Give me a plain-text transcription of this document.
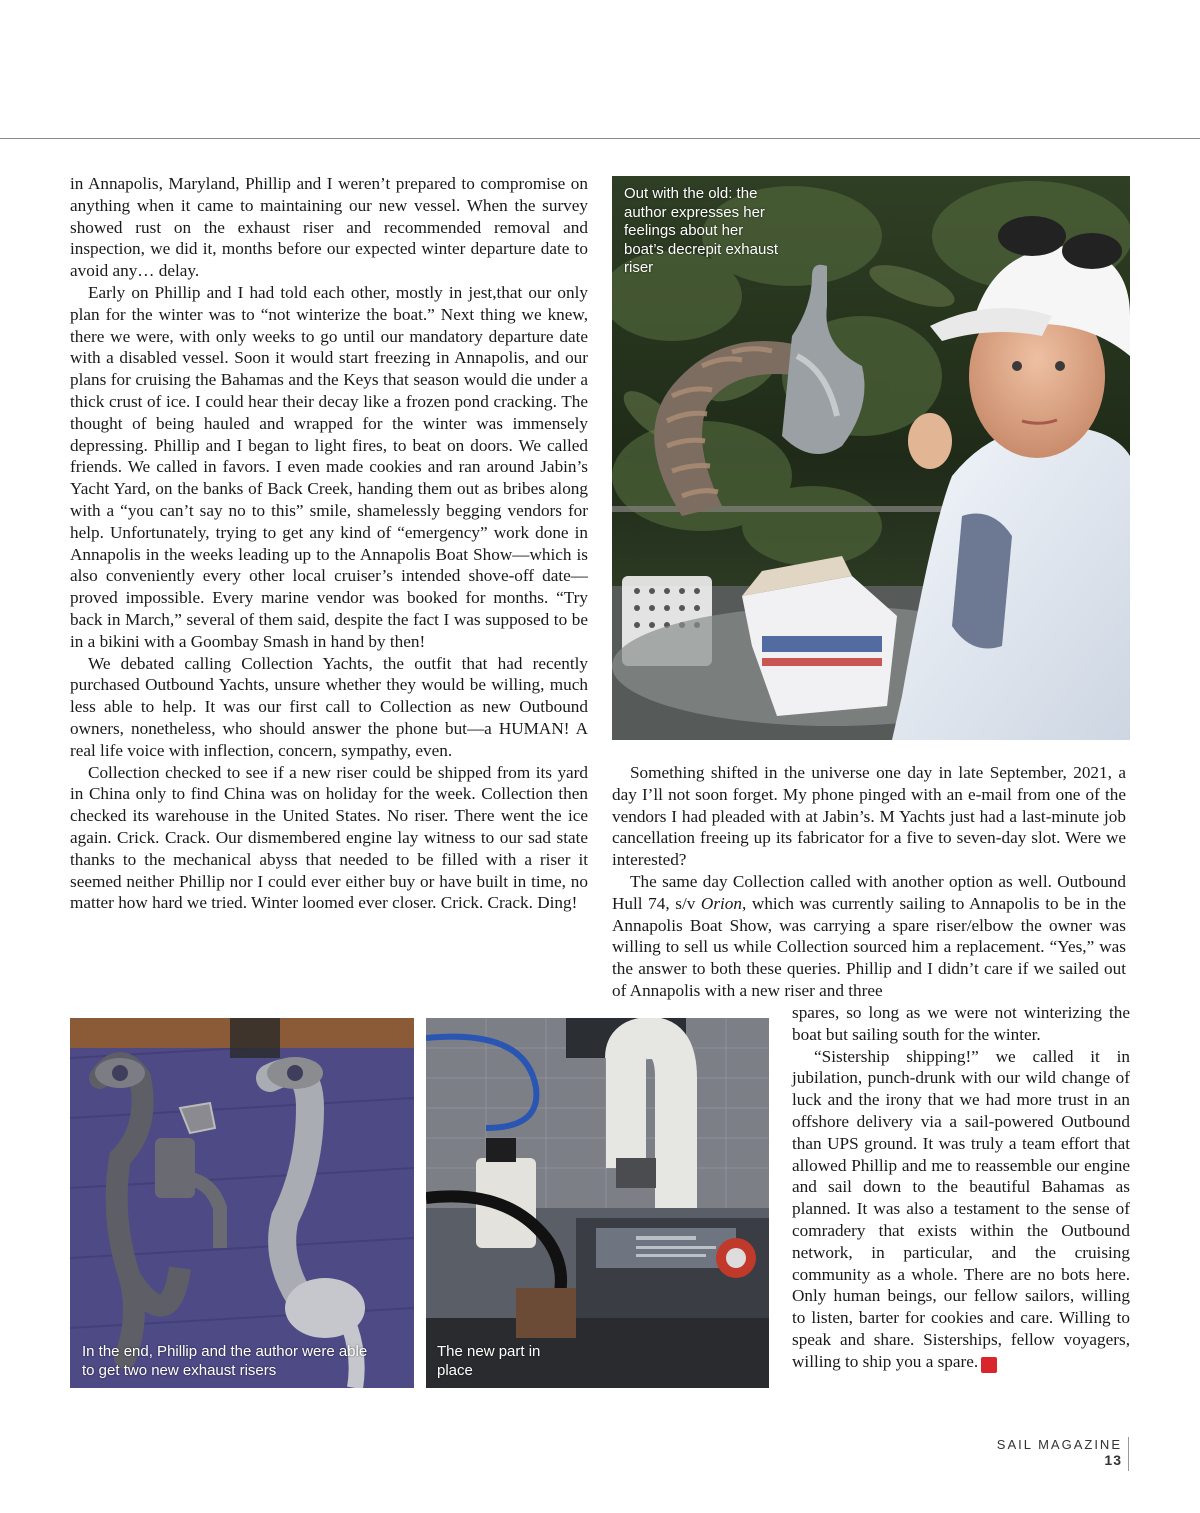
in Annapolis, Maryland, Phillip and I weren’t prepared to compromise on anything when it came to maintaining our new vessel. When the survey showed rust on the exhaust riser and recommended removal and inspection, we did it, months before our expected winter departure date to avoid any… delay.

Early on Phillip and I had told each other, mostly in jest,that our only plan for the winter was to “not winterize the boat.” Next thing we knew, there we were, with only weeks to go until our mandatory departure date with a disabled vessel. Soon it would start freezing in Annapolis, and our plans for cruising the Bahamas and the Keys that season would die under a thick crust of ice. I could hear their decay like a frozen pond cracking. The thought of being hauled and wrapped for the winter was immensely depressing. Phillip and I began to light fires, to beat on doors. We called friends. We called in favors. I even made cookies and ran around Jabin’s Yacht Yard, on the banks of Back Creek, handing them out as bribes along with a “you can’t say no to this” smile, shamelessly begging vendors for help. Unfortunately, trying to get any kind of “emergency” work done in Annapolis in the weeks leading up to the Annapolis Boat Show—which is also conveniently every other local cruiser’s intended shove-off date—proved impossible. Every marine vendor was booked for months. “Try back in March,” several of them said, despite the fact I was supposed to be in a bikini with a Goombay Smash in hand by then!

We debated calling Collection Yachts, the outfit that had recently purchased Outbound Yachts, unsure whether they would be willing, much less able to help. It was our first call to Collection as new Outbound owners, nonetheless, who should answer the phone but—a HUMAN! A real life voice with inflection, concern, sympathy, even.

Collection checked to see if a new riser could be shipped from its yard in China only to find China was on holiday for the week. Collection then checked its warehouse in the United States. No riser. There went the ice again. Crick. Crack. Our dismembered engine lay witness to our sad state thanks to the mechanical abyss that needed to be filled with a riser it seemed neither Phillip nor I could ever either buy or have built in time, no matter how hard we tried. Winter loomed ever closer. Crick. Crack. Ding!

Out with the old: the author expresses her feelings about her boat’s decrepit exhaust riser

Something shifted in the universe one day in late September, 2021, a day I’ll not soon forget. My phone pinged with an e-mail from one of the vendors I had pleaded with at Jabin’s. M Yachts just had a last-minute job cancellation freeing up its fabricator for a five to seven-day slot. Were we interested?

The same day Collection called with another option as well. Outbound Hull 74, s/v Orion, which was currently sailing to Annapolis to be in the Annapolis Boat Show, was carrying a spare riser/elbow the owner was willing to sell us while Collection sourced him a replacement. “Yes,” was the answer to both these queries. Phillip and I didn’t care if we sailed out of Annapolis with a new riser and three

In the end, Phillip and the author were able to get two new exhaust risers
The new part in place

spares, so long as we were not winterizing the boat but sailing south for the winter.

“Sistership shipping!” we called it in jubilation, punch-drunk with our wild change of luck and the irony that we had more trust in an offshore delivery via a sail-powered Outbound than UPS ground. It was truly a team effort that allowed Phillip and me to reassemble our engine and sail down to the beautiful Bahamas as planned. It was also a testament to the sense of comradery that exists within the Outbound network, in particular, and the cruising community as a whole. There are no bots here. Only human beings, our fellow sailors, willing to listen, barter for cookies and care. Willing to speak and share. Sisterships, fellow voyagers, willing to ship you a spare. S

SAIL MAGAZINE
13
